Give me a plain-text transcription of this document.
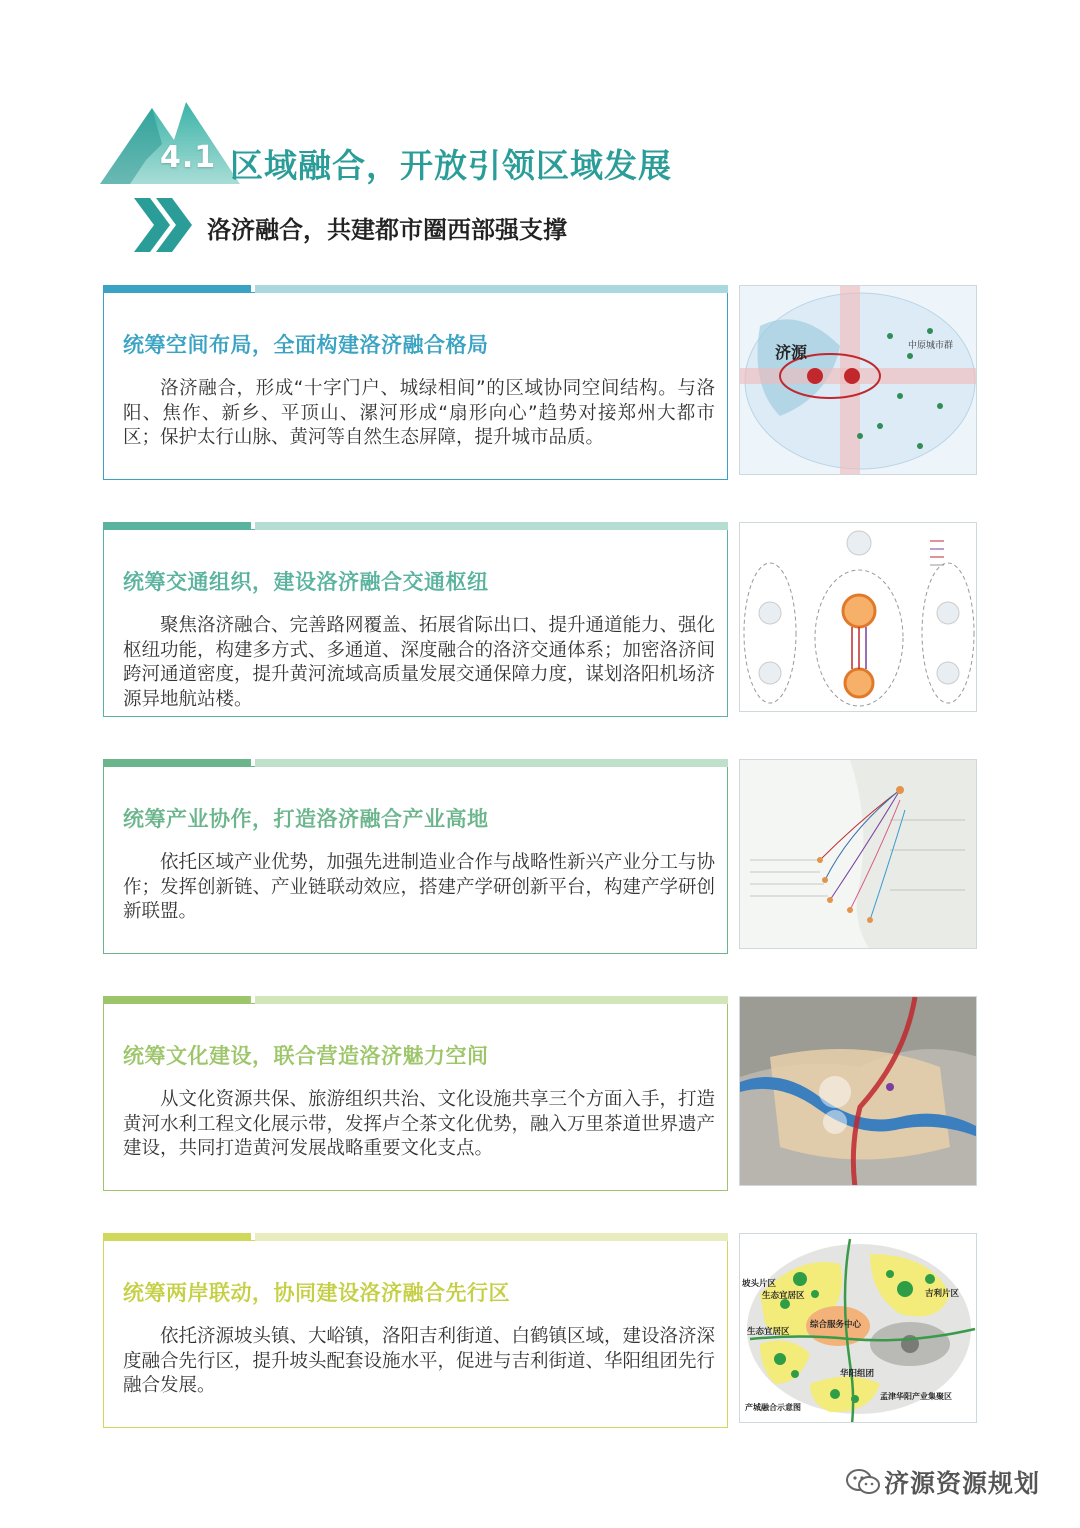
4.1 区域融合，开放引领区域发展
洛济融合，共建都市圈西部强支撑
统筹空间布局，全面构建洛济融合格局
洛济融合，形成“十字门户、城绿相间”的区域协同空间结构。与洛阳、焦作、新乡、平顶山、漯河形成“扇形向心”趋势对接郑州大都市区；保护太行山脉、黄河等自然生态屏障，提升城市品质。
济源	中原城市群
统筹交通组织，建设洛济融合交通枢纽
聚焦洛济融合、完善路网覆盖、拓展省际出口、提升通道能力、强化枢纽功能，构建多方式、多通道、深度融合的洛济交通体系；加密洛济间跨河通道密度，提升黄河流域高质量发展交通保障力度，谋划洛阳机场济源异地航站楼。
统筹产业协作，打造洛济融合产业高地
依托区域产业优势，加强先进制造业合作与战略性新兴产业分工与协作；发挥创新链、产业链联动效应，搭建产学研创新平台，构建产学研创新联盟。
统筹文化建设，联合营造洛济魅力空间
从文化资源共保、旅游组织共治、文化设施共享三个方面入手，打造黄河水利工程文化展示带，发挥卢仝茶文化优势，融入万里茶道世界遗产建设，共同打造黄河发展战略重要文化支点。
统筹两岸联动，协同建设洛济融合先行区
依托济源坡头镇、大峪镇，洛阳吉利街道、白鹤镇区域，建设洛济深度融合先行区，提升坡头配套设施水平，促进与吉利街道、华阳组团先行融合发展。
坡头片区
生态宜居区
生态宜居区
综合服务中心
吉利片区
华阳组团
孟津华阳产业集聚区
产城融合示意图
济源资源规划
